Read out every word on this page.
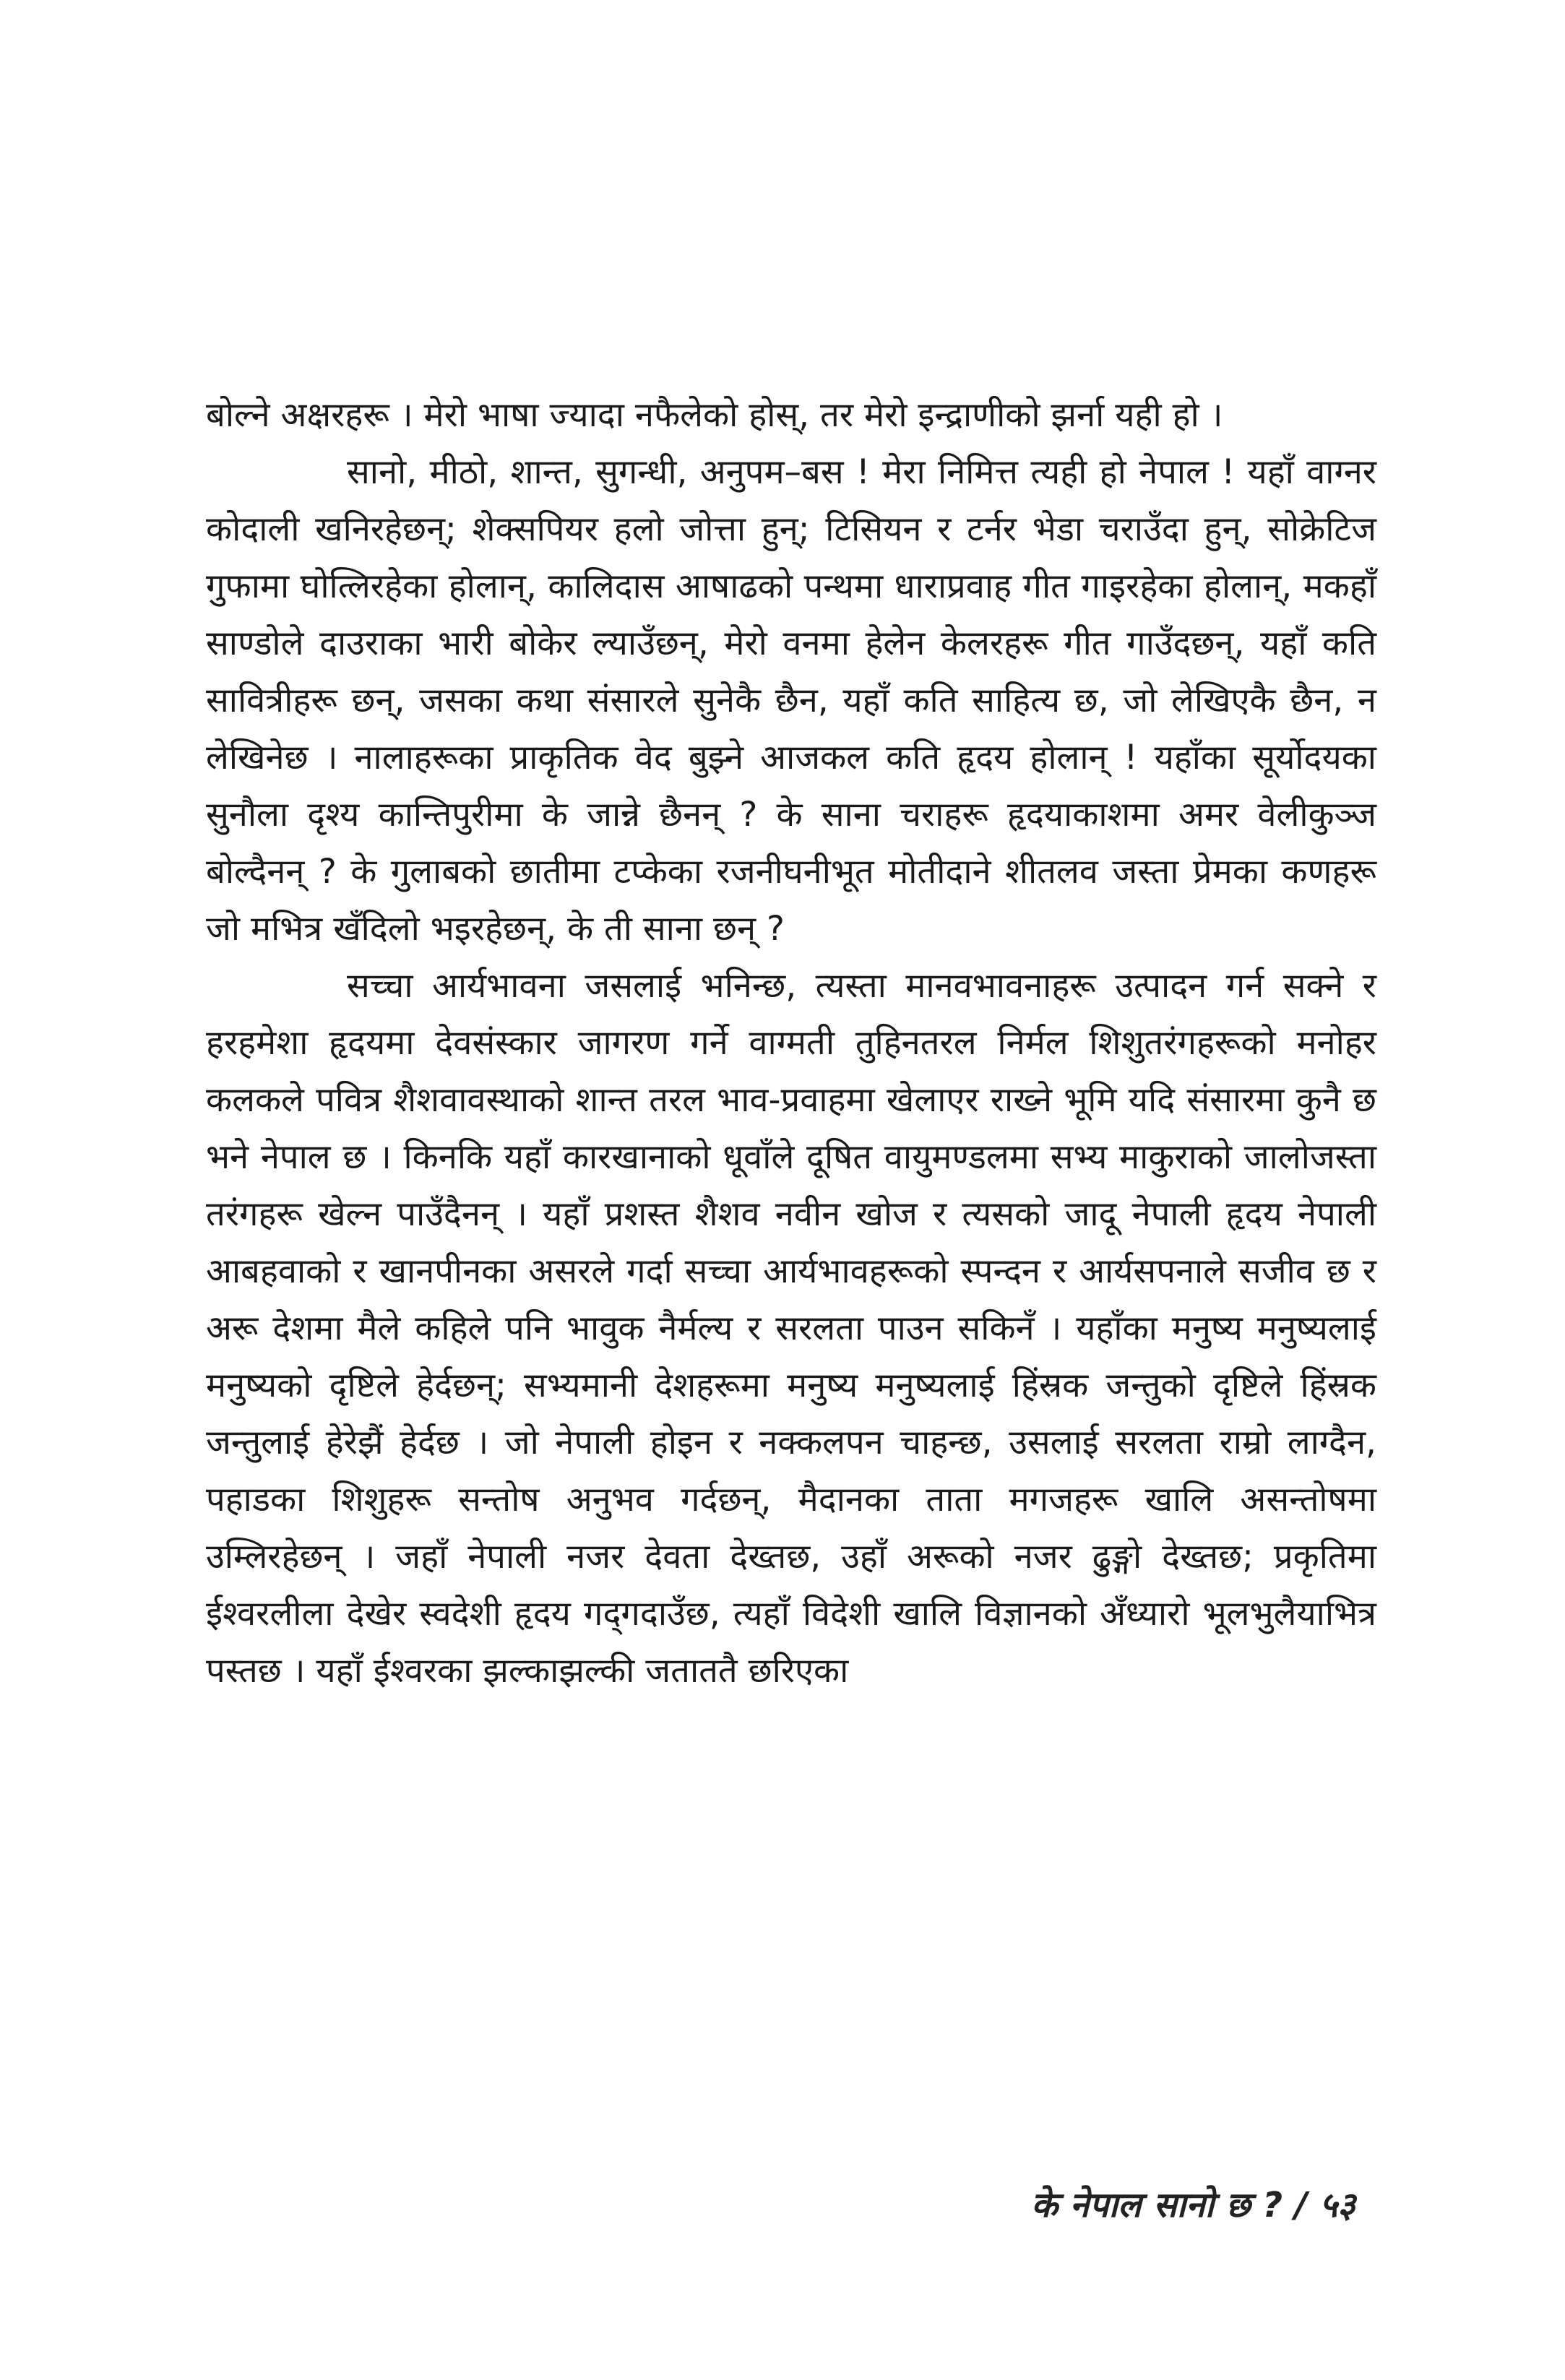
बोल्ने अक्षरहरू । मेरो भाषा ज्यादा नफैलेको होस्, तर मेरो इन्द्राणीको झर्ना यही हो ।

सानो, मीठो, शान्त, सुगन्धी, अनुपम–बस ! मेरा निमित्त त्यही हो नेपाल ! यहाँ वाग्नर कोदाली खनिरहेछन्; शेक्सपियर हलो जोत्ता हुन्; टिसियन र टर्नर भेडा चराउँदा हुन्, सोक्रेटिज गुफामा घोत्लिरहेका होलान्, कालिदास आषाढको पन्थमा धाराप्रवाह गीत गाइरहेका होलान्, मकहाँ साण्डोले दाउराका भारी बोकेर ल्याउँछन्, मेरो वनमा हेलेन केलरहरू गीत गाउँदछन्, यहाँ कति सावित्रीहरू छन्, जसका कथा संसारले सुनेकै छैन, यहाँ कति साहित्य छ, जो लेखिएकै छैन, न लेखिनेछ । नालाहरूका प्राकृतिक वेद बुझ्ने आजकल कति हृदय होलान् ! यहाँका सूर्योदयका सुनौला दृश्य कान्तिपुरीमा के जान्ने छैनन् ? के साना चराहरू हृदयाकाशमा अमर वेलीकुञ्ज बोल्दैनन् ? के गुलाबको छातीमा टप्केका रजनीघनीभूत मोतीदाने शीतलव जस्ता प्रेमका कणहरू जो मभित्र खँदिलो भइरहेछन्, के ती साना छन् ?

सच्चा आर्यभावना जसलाई भनिन्छ, त्यस्ता मानवभावनाहरू उत्पादन गर्न सक्ने र हरहमेशा हृदयमा देवसंस्कार जागरण गर्ने वाग्मती तुहिनतरल निर्मल शिशुतरंगहरूको मनोहर कलकले पवित्र शैशवावस्थाको शान्त तरल भाव-प्रवाहमा खेलाएर राख्ने भूमि यदि संसारमा कुनै छ भने नेपाल छ । किनकि यहाँ कारखानाको धूवाँले दूषित वायुमण्डलमा सभ्य माकुराको जालोजस्ता तरंगहरू खेल्न पाउँदैनन् । यहाँ प्रशस्त शैशव नवीन खोज र त्यसको जादू नेपाली हृदय नेपाली आबहवाको र खानपीनका असरले गर्दा सच्चा आर्यभावहरूको स्पन्दन र आर्यसपनाले सजीव छ र अरू देशमा मैले कहिले पनि भावुक नैर्मल्य र सरलता पाउन सकिनँ । यहाँका मनुष्य मनुष्यलाई मनुष्यको दृष्टिले हेर्दछन्; सभ्यमानी देशहरूमा मनुष्य मनुष्यलाई हिंस्रक जन्तुको दृष्टिले हिंस्रक जन्तुलाई हेरेझैं हेर्दछ । जो नेपाली होइन र नक्कलपन चाहन्छ, उसलाई सरलता राम्रो लाग्दैन, पहाडका शिशुहरू सन्तोष अनुभव गर्दछन्, मैदानका ताता मगजहरू खालि असन्तोषमा उम्लिरहेछन् । जहाँ नेपाली नजर देवता देख्तछ, उहाँ अरूको नजर ढुङ्गो देख्तछ; प्रकृतिमा ईश्वरलीला देखेर स्वदेशी हृदय गद्‌गदाउँछ, त्यहाँ विदेशी खालि विज्ञानको अँध्यारो भूलभुलैयाभित्र पस्तछ । यहाँ ईश्वरका झल्काझल्की जताततै छरिएका

के नेपाल सानो छ ? / ५३
